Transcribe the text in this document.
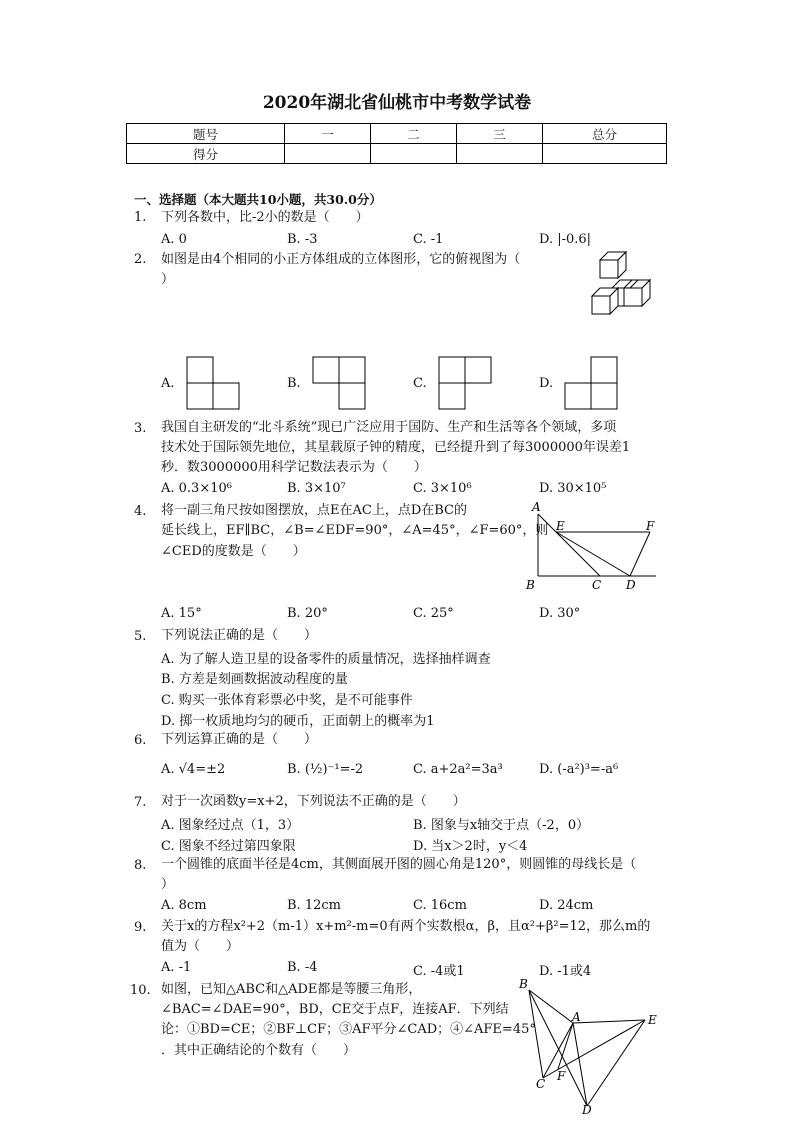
2020年湖北省仙桃市中考数学试卷
题号	一	二	三	总分
得分				
一、选择题（本大题共10小题，共30.0分）
1.	下列各数中，比-2小的数是（　　）
A. 0	B. -3	C. -1	D. |-0.6|
2.	如图是由4个相同的小正方体组成的立体图形，它的俯视图为（
）
A.	B.	C.	D.
3.	我国自主研发的“北斗系统”现已广泛应用于国防、生产和生活等各个领域，多项
技术处于国际领先地位，其星载原子钟的精度，已经提升到了每3000000年误差1
秒．数3000000用科学记数法表示为（　　）
A. 0.3×10⁶	B. 3×10⁷	C. 3×10⁶	D. 30×10⁵
4.	将一副三角尺按如图摆放，点E在AC上，点D在BC的
延长线上，EF∥BC，∠B=∠EDF=90°，∠A=45°，∠F=60°，则
∠CED的度数是（　　）
A
E	F
B	C D
A. 15°	B. 20°	C. 25°	D. 30°
5.	下列说法正确的是（　　）
A. 为了解人造卫星的设备零件的质量情况，选择抽样调查
B. 方差是刻画数据波动程度的量
C. 购买一张体育彩票必中奖，是不可能事件
D. 掷一枚质地均匀的硬币，正面朝上的概率为1
6.	下列运算正确的是（　　）
A. √4=±2	B. (½)⁻¹=-2	C. a+2a²=3a³	D. (-a²)³=-a⁶
7.	对于一次函数y=x+2，下列说法不正确的是（　　）
A. 图象经过点（1，3）	B. 图象与x轴交于点（-2，0）
C. 图象不经过第四象限	D. 当x＞2时，y＜4
8.	一个圆锥的底面半径是4cm，其侧面展开图的圆心角是120°，则圆锥的母线长是（
）
A. 8cm	B. 12cm	C. 16cm	D. 24cm
9.	关于x的方程x²+2（m-1）x+m²-m=0有两个实数根α，β，且α²+β²=12，那么m的
值为（　　）
A. -1	B. -4	C. -4或1	D. -1或4
10. 如图，已知△ABC和△ADE都是等腰三角形，
∠BAC=∠DAE=90°，BD，CE交于点F，连接AF．下列结
论：①BD=CE；②BF⊥CF；③AF平分∠CAD；④∠AFE=45°
．其中正确结论的个数有（　　）
B
A	E
C
F
D
